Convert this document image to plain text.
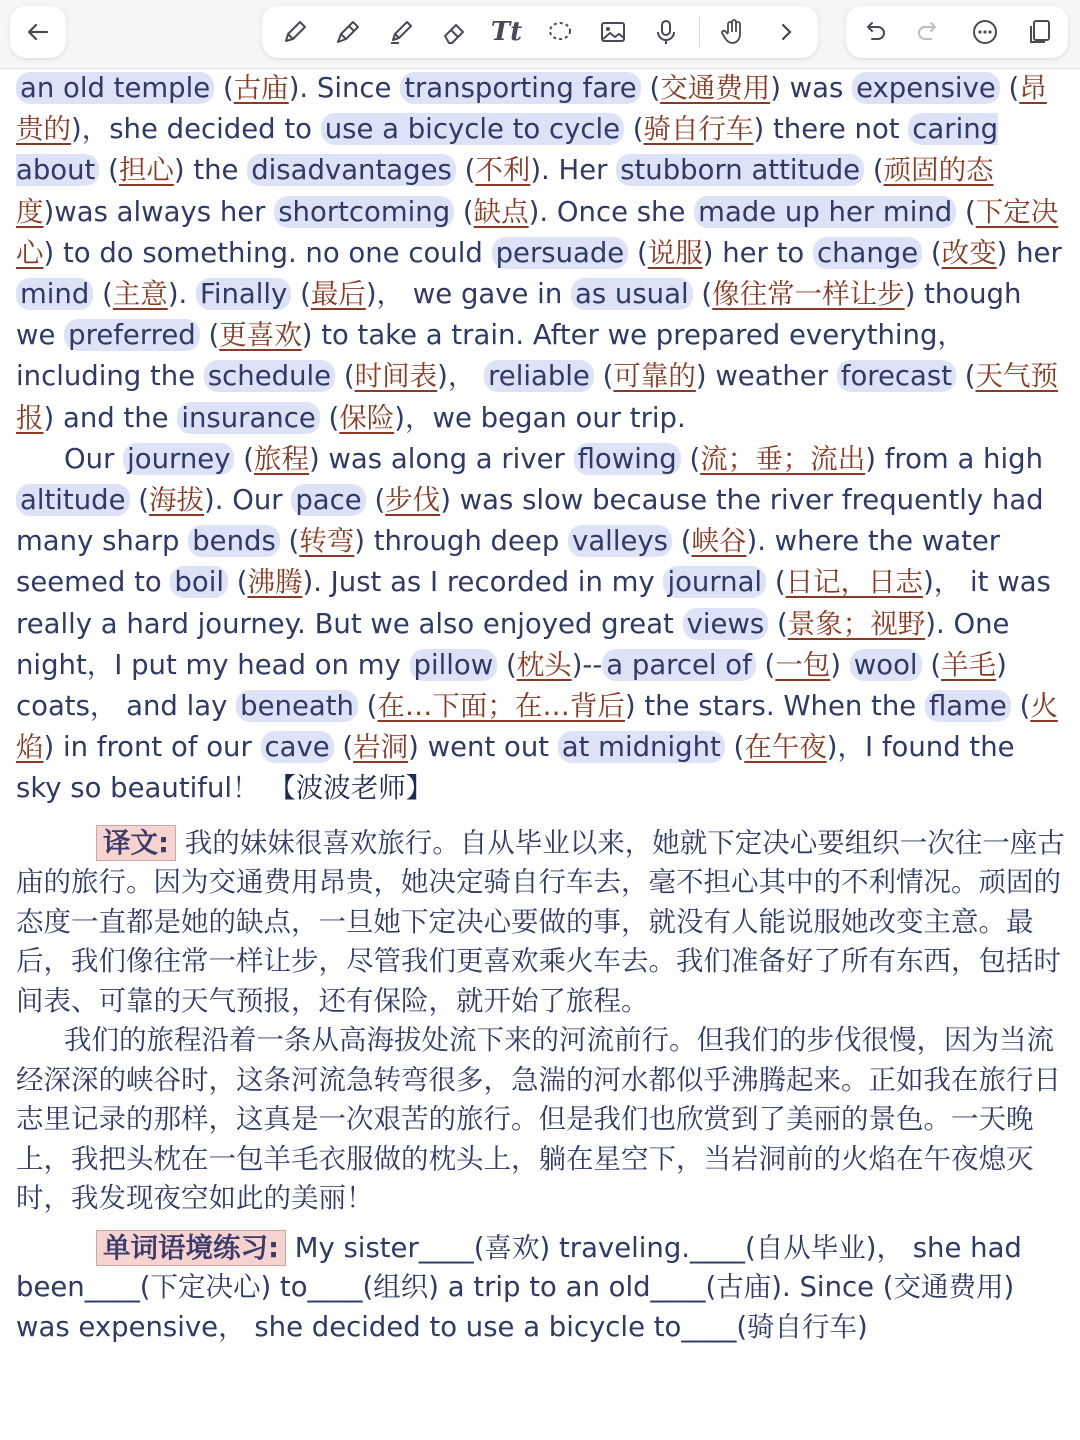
Tt

an old temple (古庙). Since transporting fare (交通费用) was expensive (昂贵的)，she decided to use a bicycle to cycle (骑自行车) there not caring about (担心) the disadvantages (不利). Her stubborn attitude (顽固的态度)was always her shortcoming (缺点). Once she made up her mind (下定决心) to do something. no one could persuade (说服) her to change (改变) her mind (主意). Finally (最后)， we gave in as usual (像往常一样让步) though we preferred (更喜欢) to take a train. After we prepared everything， including the schedule (时间表)， reliable (可靠的) weather forecast (天气预报) and the insurance (保险)，we began our trip.

Our journey (旅程) was along a river flowing (流；垂；流出) from a high altitude (海拔). Our pace (步伐) was slow because the river frequently had many sharp bends (转弯) through deep valleys (峡谷). where the water seemed to boil (沸腾). Just as I recorded in my journal (日记，日志)， it was really a hard journey. But we also enjoyed great views (景象；视野). One night，I put my head on my pillow (枕头)-- a parcel of (一包) wool (羊毛) coats， and lay beneath (在…下面；在…背后) the stars. When the flame (火焰) in front of our cave (岩洞) went out at midnight (在午夜)，I found the sky so beautiful！ 【波波老师】

译文: 我的妹妹很喜欢旅行。自从毕业以来，她就下定决心要组织一次往一座古庙的旅行。因为交通费用昂贵，她决定骑自行车去，毫不担心其中的不利情况。顽固的态度一直都是她的缺点，一旦她下定决心要做的事，就没有人能说服她改变主意。最后，我们像往常一样让步，尽管我们更喜欢乘火车去。我们准备好了所有东西，包括时间表、可靠的天气预报，还有保险，就开始了旅程。

我们的旅程沿着一条从高海拔处流下来的河流前行。但我们的步伐很慢，因为当流经深深的峡谷时，这条河流急转弯很多，急湍的河水都似乎沸腾起来。正如我在旅行日志里记录的那样，这真是一次艰苦的旅行。但是我们也欣赏到了美丽的景色。一天晚上，我把头枕在一包羊毛衣服做的枕头上，躺在星空下，当岩洞前的火焰在午夜熄灭时，我发现夜空如此的美丽！

单词语境练习: My sister____(喜欢) traveling.____(自从毕业)， she had been____(下定决心) to____(组织) a trip to an old____(古庙). Since (交通费用) was expensive， she decided to use a bicycle to____(骑自行车)
